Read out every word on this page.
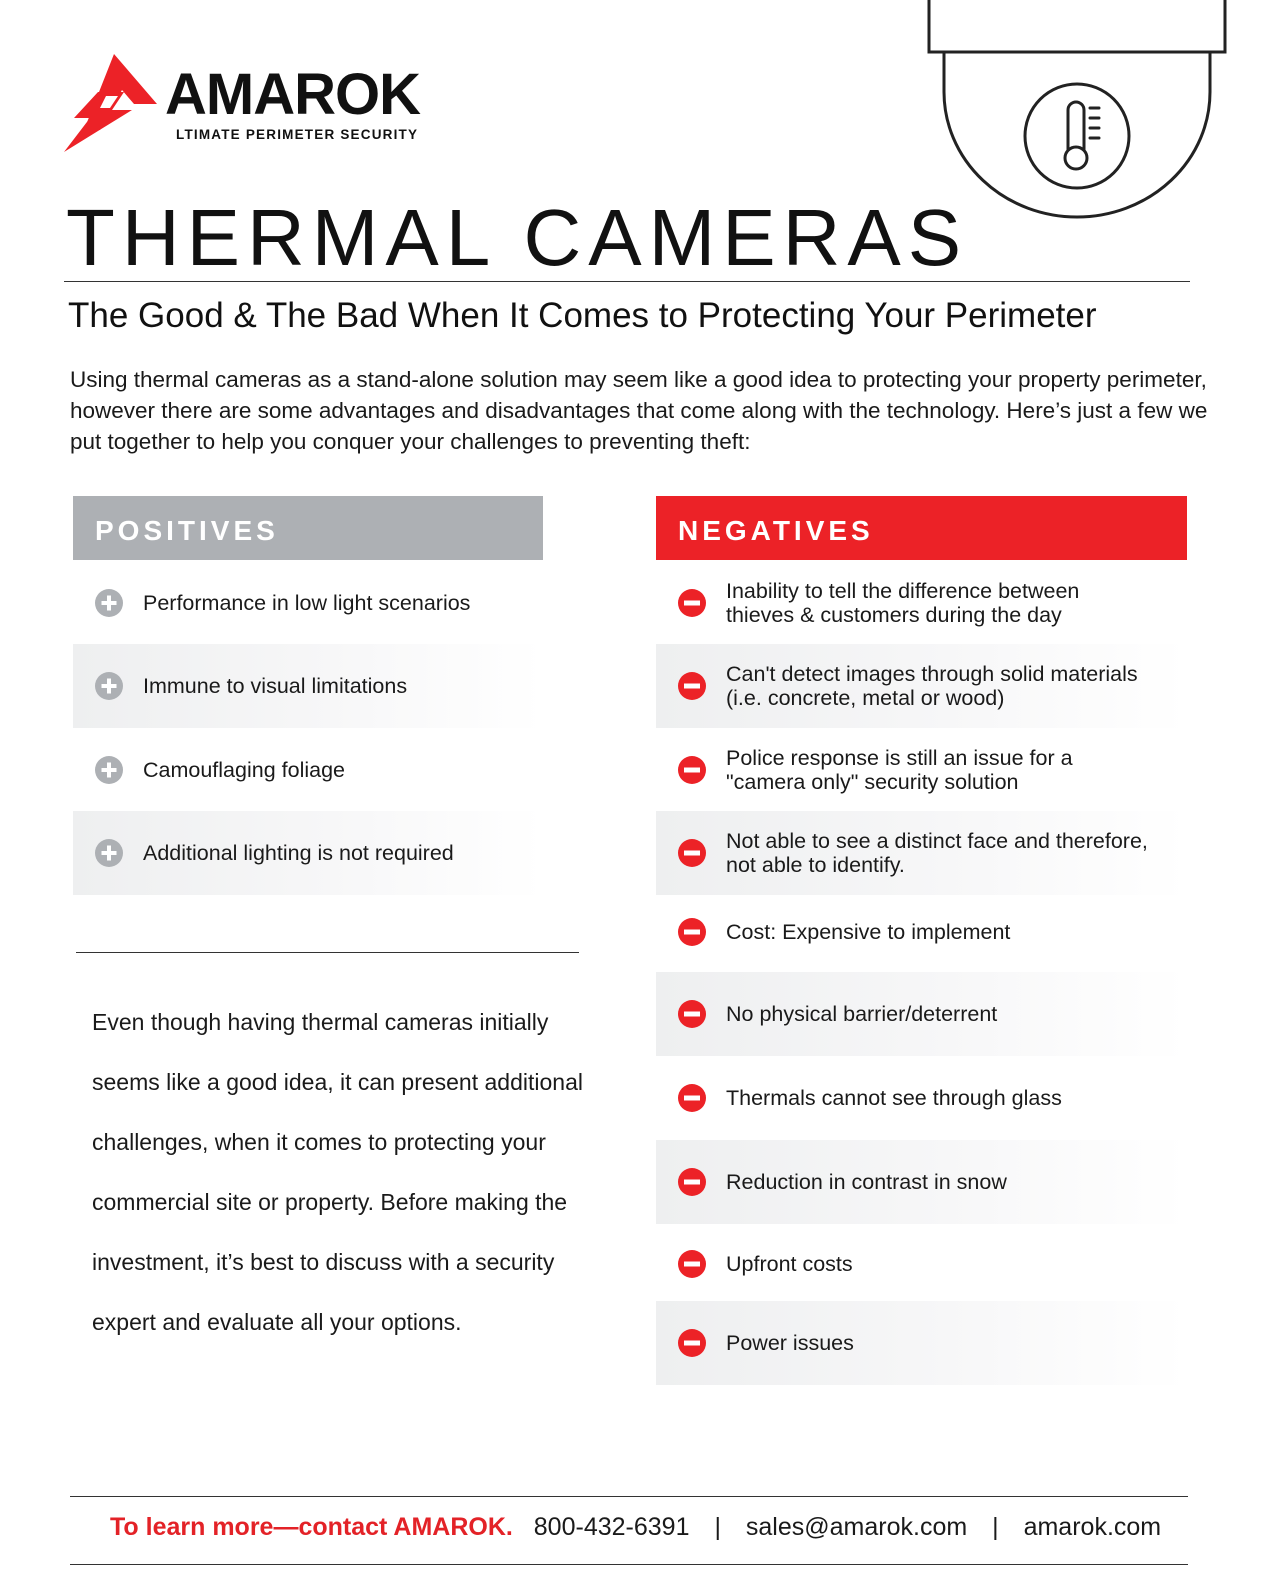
AMAROK
LTIMATE PERIMETER SECURITY
THERMAL CAMERAS
The Good & The Bad When It Comes to Protecting Your Perimeter

Using thermal cameras as a stand-alone solution may seem like a good idea to protecting your property perimeter, however there are some advantages and disadvantages that come along with the technology. Here’s just a few we put together to help you conquer your challenges to preventing theft:

POSITIVES	NEGATIVES
Performance in low light scenarios
Immune to visual limitations
Camouflaging foliage
Additional lighting is not required

Even though having thermal cameras initially seems like a good idea, it can present additional challenges, when it comes to protecting your commercial site or property. Before making the investment, it’s best to discuss with a security expert and evaluate all your options.

Inability to tell the difference between
thieves & customers during the day
Can't detect images through solid materials
(i.e. concrete, metal or wood)
Police response is still an issue for a
"camera only" security solution
Not able to see a distinct face and therefore,
not able to identify.
Cost: Expensive to implement
No physical barrier/deterrent
Thermals cannot see through glass
Reduction in contrast in snow
Upfront costs
Power issues
To learn more—contact AMAROK. 800-432-6391 | sales@amarok.com | amarok.com
